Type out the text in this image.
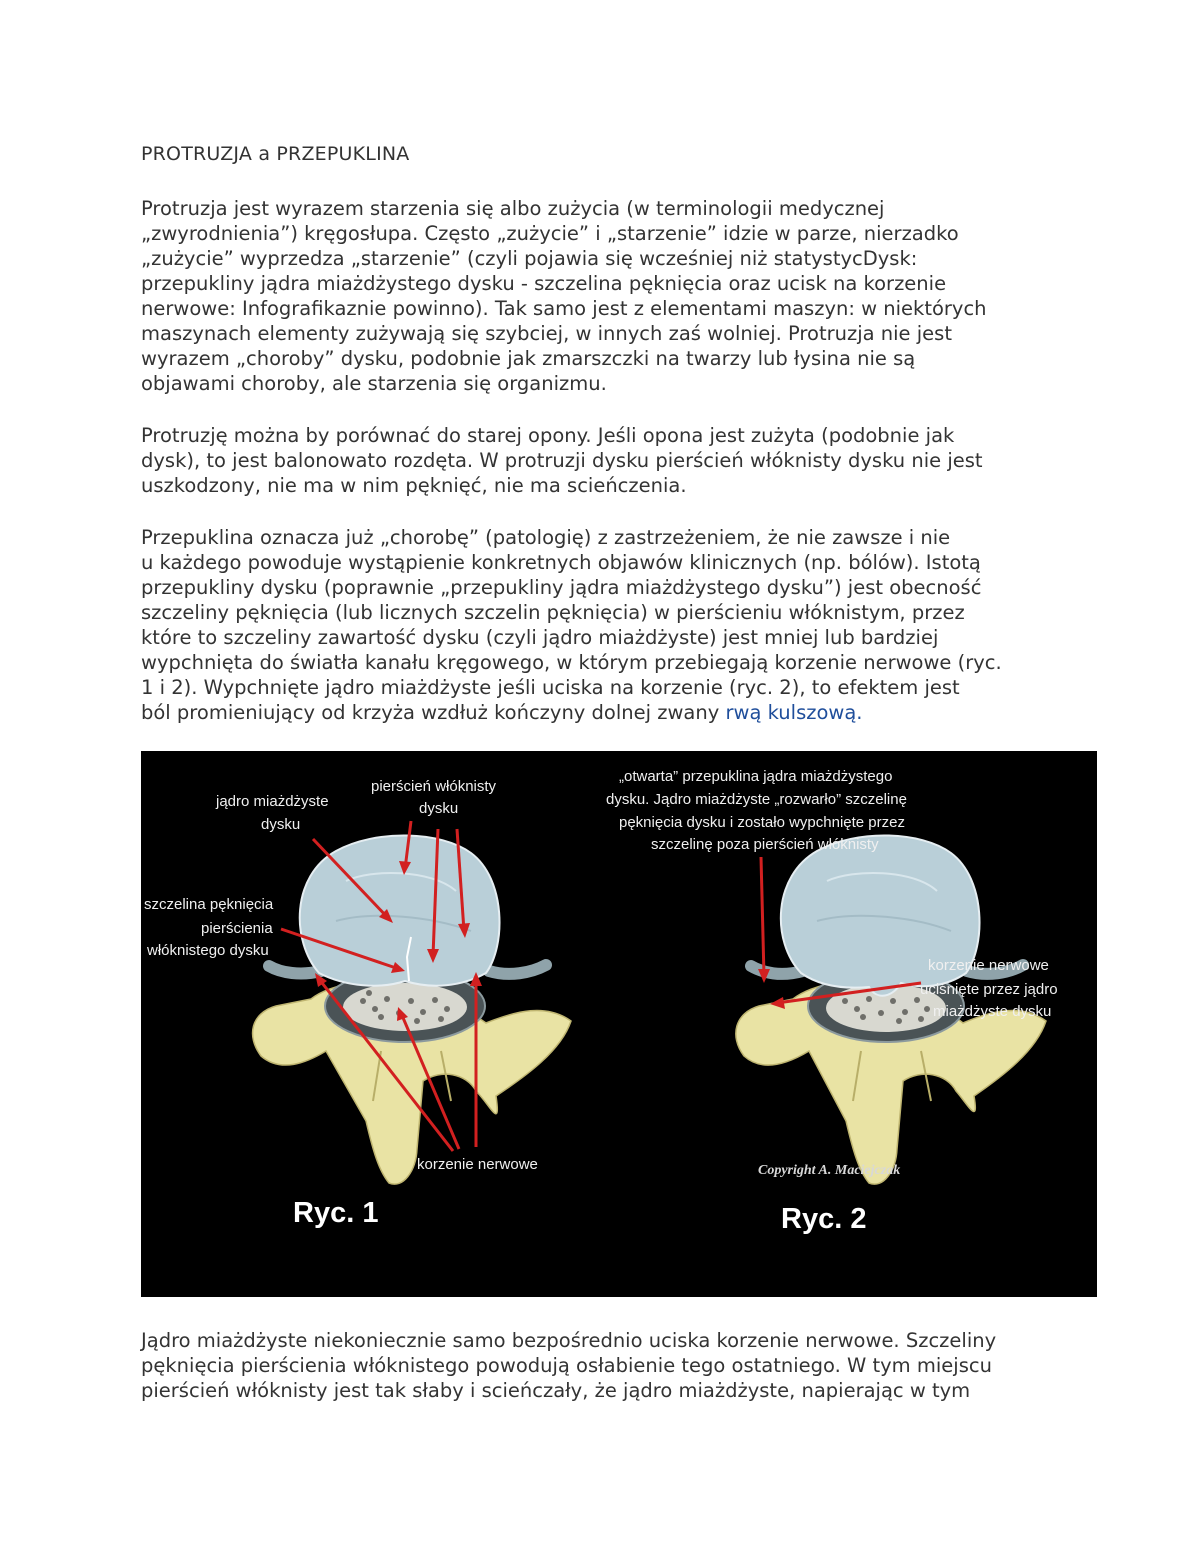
PROTRUZJA a PRZEPUKLINA

Protruzja jest wyrazem starzenia się albo zużycia (w terminologii medycznej
„zwyrodnienia”) kręgosłupa. Często „zużycie” i „starzenie” idzie w parze, nierzadko
„zużycie” wyprzedza „starzenie” (czyli pojawia się wcześniej niż statystycDysk:
przepukliny jądra miażdżystego dysku - szczelina pęknięcia oraz ucisk na korzenie
nerwowe: Infografikaznie powinno). Tak samo jest z elementami maszyn: w niektórych
maszynach elementy zużywają się szybciej, w innych zaś wolniej. Protruzja nie jest
wyrazem „choroby” dysku, podobnie jak zmarszczki na twarzy lub łysina nie są
objawami choroby, ale starzenia się organizmu.

Protruzję można by porównać do starej opony. Jeśli opona jest zużyta (podobnie jak
dysk), to jest balonowato rozdęta. W protruzji dysku pierścień włóknisty dysku nie jest
uszkodzony, nie ma w nim pęknięć, nie ma scieńczenia.

Przepuklina oznacza już „chorobę” (patologię) z zastrzeżeniem, że nie zawsze i nie
u każdego powoduje wystąpienie konkretnych objawów klinicznych (np. bólów). Istotą
przepukliny dysku (poprawnie „przepukliny jądra miażdżystego dysku”) jest obecność
szczeliny pęknięcia (lub licznych szczelin pęknięcia) w pierścieniu włóknistym, przez
które to szczeliny zawartość dysku (czyli jądro miażdżyste) jest mniej lub bardziej
wypchnięta do światła kanału kręgowego, w którym przebiegają korzenie nerwowe (ryc.
1 i 2). Wypchnięte jądro miażdżyste jeśli uciska na korzenie (ryc. 2), to efektem jest
ból promieniujący od krzyża wzdłuż kończyny dolnej zwany rwą kulszową.

jądro miażdżyste
dysku
pierścień włóknisty
dysku
szczelina pęknięcia
pierścienia
włóknistego dysku
korzenie nerwowe
Ryc. 1
„otwarta” przepuklina jądra miażdżystego
dysku. Jądro miażdżyste „rozwarło” szczelinę
pęknięcia dysku i zostało wypchnięte przez
szczelinę poza pierścień włóknisty
korzenie nerwowe
uciśnięte przez jądro
miażdżyste dysku
Copyright A. Maciejczak
Ryc. 2

Jądro miażdżyste niekoniecznie samo bezpośrednio uciska korzenie nerwowe. Szczeliny
pęknięcia pierścienia włóknistego powodują osłabienie tego ostatniego. W tym miejscu
pierścień włóknisty jest tak słaby i scieńczały, że jądro miażdżyste, napierając w tym
